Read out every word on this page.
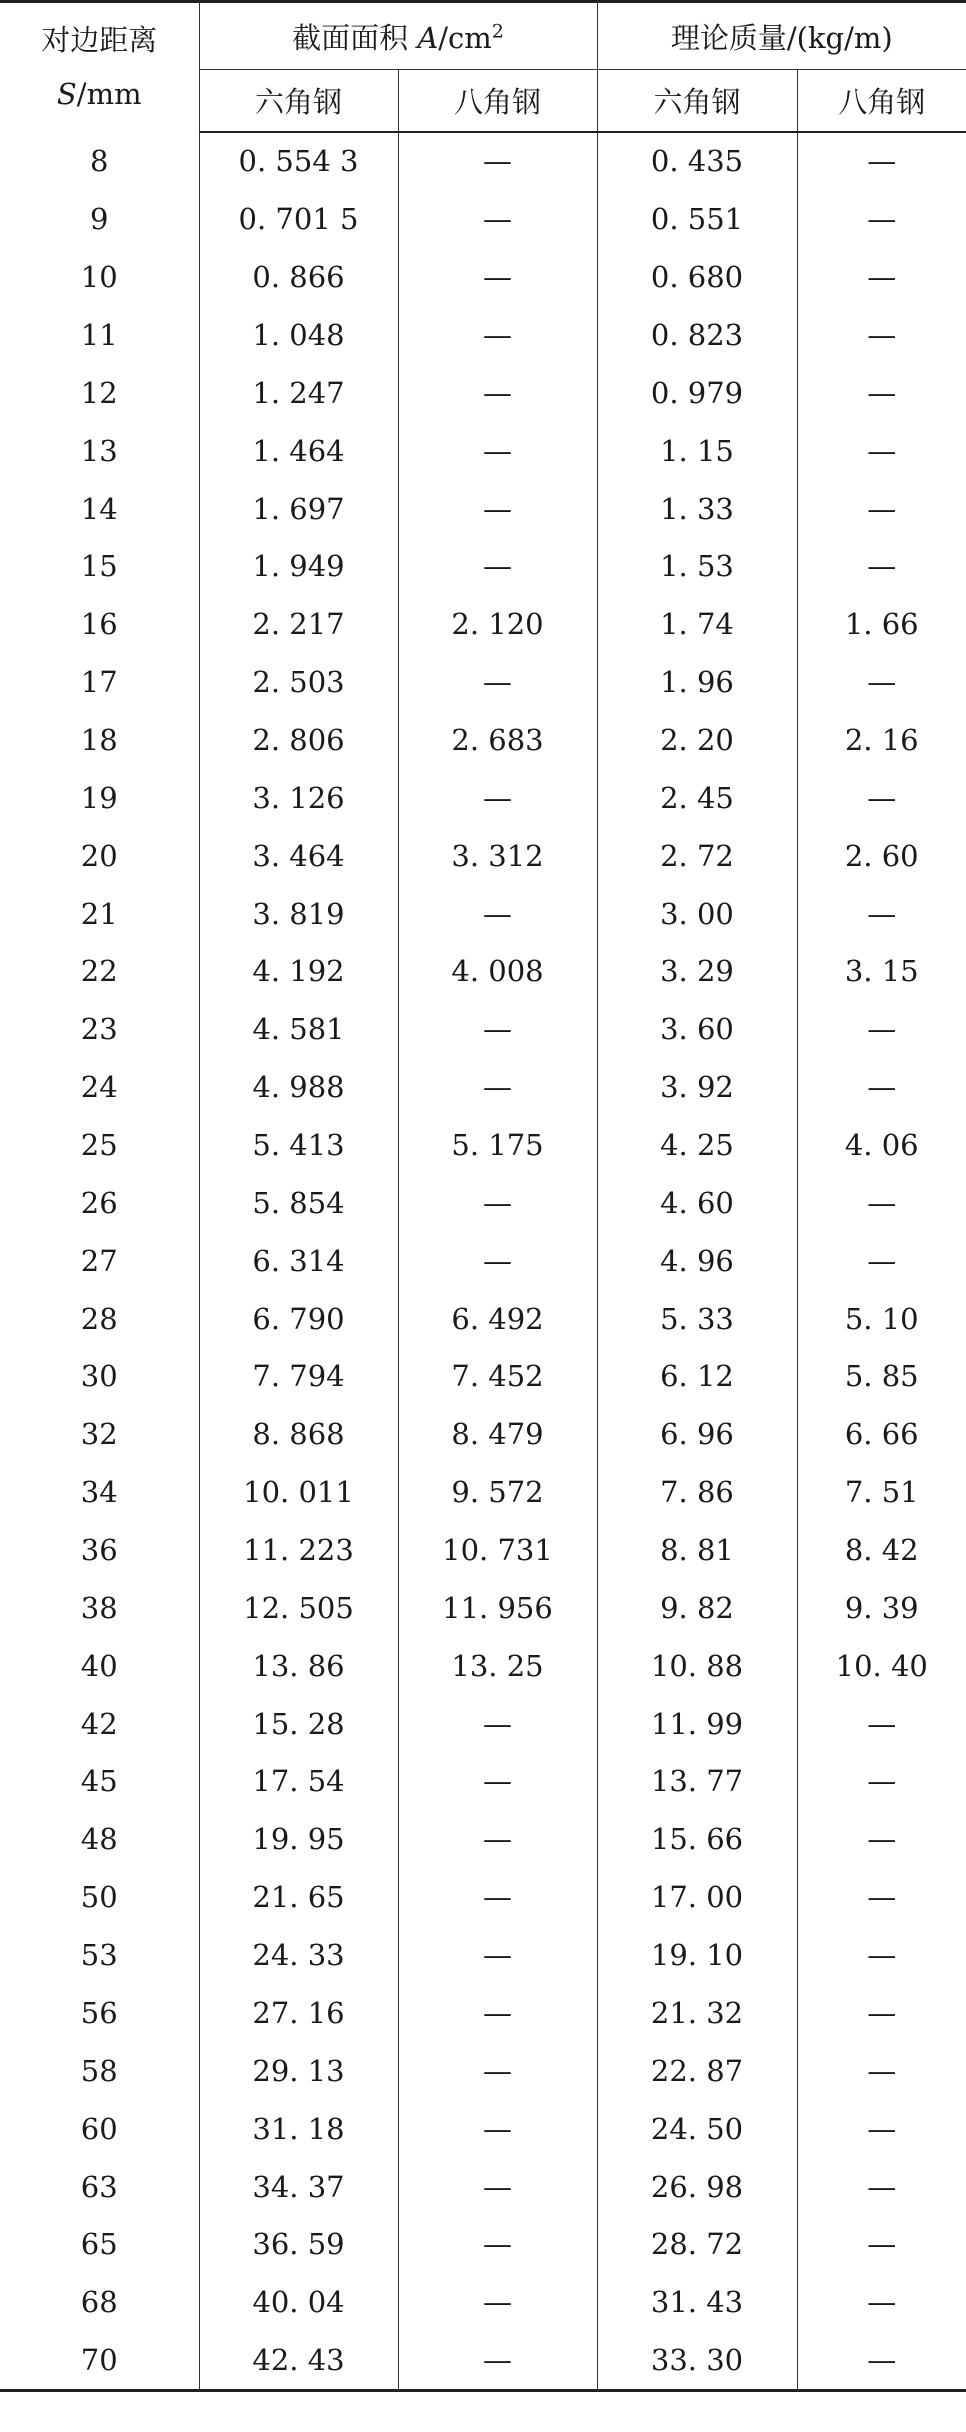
对边距离
S/mm	截面面积 $A/cm^2$		理论质量/(kg/m)	
	六角钢	八角钢	六角钢	八角钢
8	0. 554 3	—	0. 435	—
9	0. 701 5	—	0. 551	—
10	0. 866	—	0. 680	—
11	1. 048	—	0. 823	—
12	1. 247	—	0. 979	—
13	1. 464	—	1. 15	—
14	1. 697	—	1. 33	—
15	1. 949	—	1. 53	—
16	2. 217	2. 120	1. 74	1. 66
17	2. 503	—	1. 96	—
18	2. 806	2. 683	2. 20	2. 16
19	3. 126	—	2. 45	—
20	3. 464	3. 312	2. 72	2. 60
21	3. 819	—	3. 00	—
22	4. 192	4. 008	3. 29	3. 15
23	4. 581	—	3. 60	—
24	4. 988	—	3. 92	—
25	5. 413	5. 175	4. 25	4. 06
26	5. 854	—	4. 60	—
27	6. 314	—	4. 96	—
28	6. 790	6. 492	5. 33	5. 10
30	7. 794	7. 452	6. 12	5. 85
32	8. 868	8. 479	6. 96	6. 66
34	10. 011	9. 572	7. 86	7. 51
36	11. 223	10. 731	8. 81	8. 42
38	12. 505	11. 956	9. 82	9. 39
40	13. 86	13. 25	10. 88	10. 40
42	15. 28	—	11. 99	—
45	17. 54	—	13. 77	—
48	19. 95	—	15. 66	—
50	21. 65	—	17. 00	—
53	24. 33	—	19. 10	—
56	27. 16	—	21. 32	—
58	29. 13	—	22. 87	—
60	31. 18	—	24. 50	—
63	34. 37	—	26. 98	—
65	36. 59	—	28. 72	—
68	40. 04	—	31. 43	—
70	42. 43	—	33. 30	—
